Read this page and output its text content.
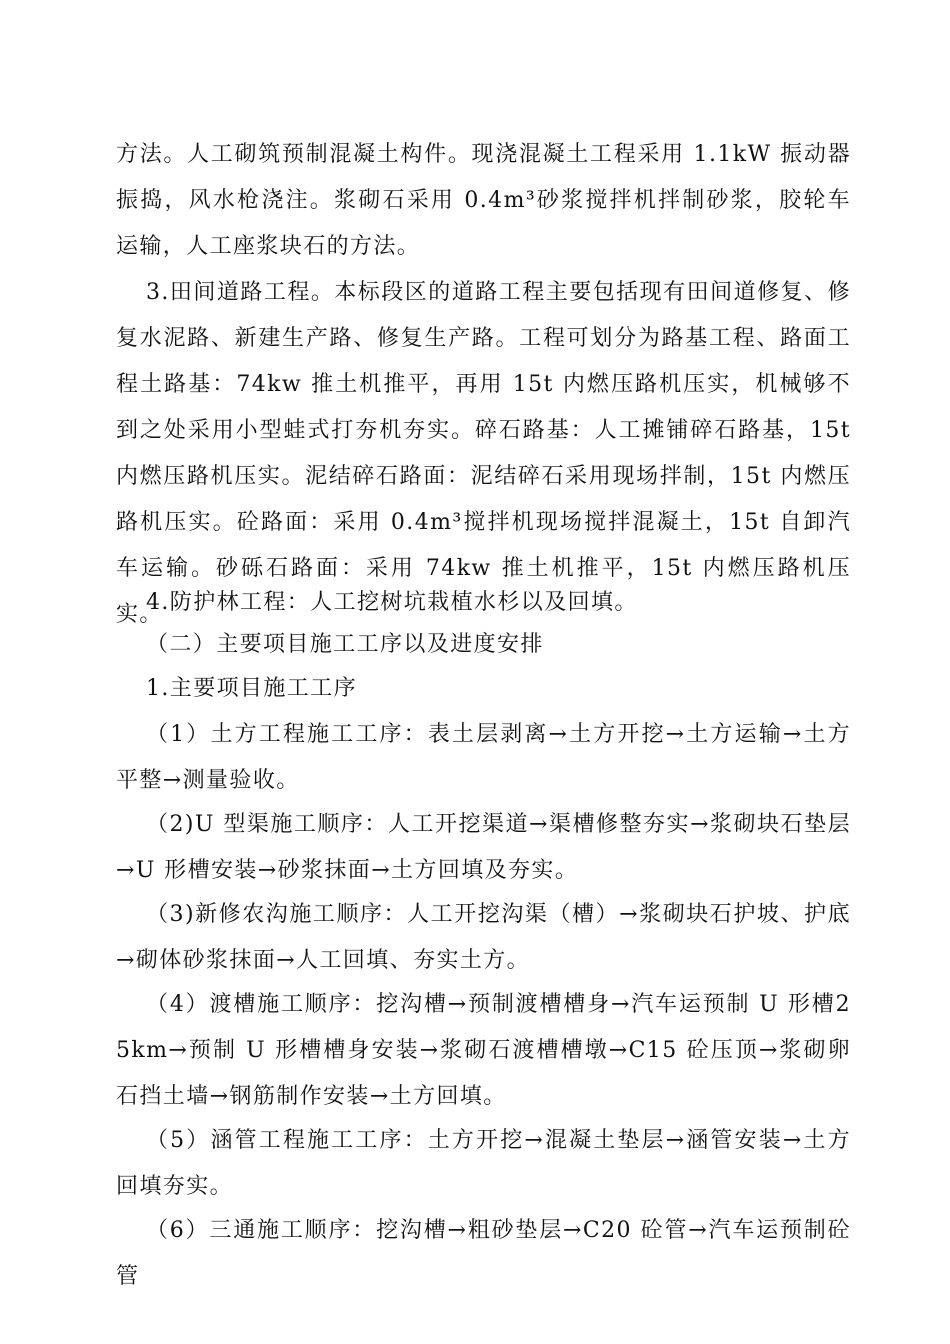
方法。人工砌筑预制混凝土构件。现浇混凝土工程采用 1.1kW 振动器振捣，风水枪浇注。浆砌石采用 0.4m³砂浆搅拌机拌制砂浆，胶轮车运输，人工座浆块石的方法。

3.田间道路工程。本标段区的道路工程主要包括现有田间道修复、修复水泥路、新建生产路、修复生产路。工程可划分为路基工程、路面工程土路基：74kw 推土机推平，再用 15t 内燃压路机压实，机械够不到之处采用小型蛙式打夯机夯实。碎石路基：人工摊铺碎石路基，15t 内燃压路机压实。泥结碎石路面：泥结碎石采用现场拌制，15t 内燃压路机压实。砼路面：采用 0.4m³搅拌机现场搅拌混凝土，15t 自卸汽车运输。砂砾石路面：采用 74kw 推土机推平，15t 内燃压路机压实。

4.防护林工程：人工挖树坑栽植水杉以及回填。

（二）主要项目施工工序以及进度安排

1.主要项目施工工序

（1）土方工程施工工序：表土层剥离→土方开挖→土方运输→土方平整→测量验收。

（2)U 型渠施工顺序：人工开挖渠道→渠槽修整夯实→浆砌块石垫层→U 形槽安装→砂浆抹面→土方回填及夯实。

（3)新修农沟施工顺序：人工开挖沟渠（槽）→浆砌块石护坡、护底→砌体砂浆抹面→人工回填、夯实土方。

（4）渡槽施工顺序：挖沟槽→预制渡槽槽身→汽车运预制 U 形槽25km→预制 U 形槽槽身安装→浆砌石渡槽槽墩→C15 砼压顶→浆砌卵石挡土墙→钢筋制作安装→土方回填。

（5）涵管工程施工工序：土方开挖→混凝土垫层→涵管安装→土方回填夯实。

（6）三通施工顺序：挖沟槽→粗砂垫层→C20 砼管→汽车运预制砼管
